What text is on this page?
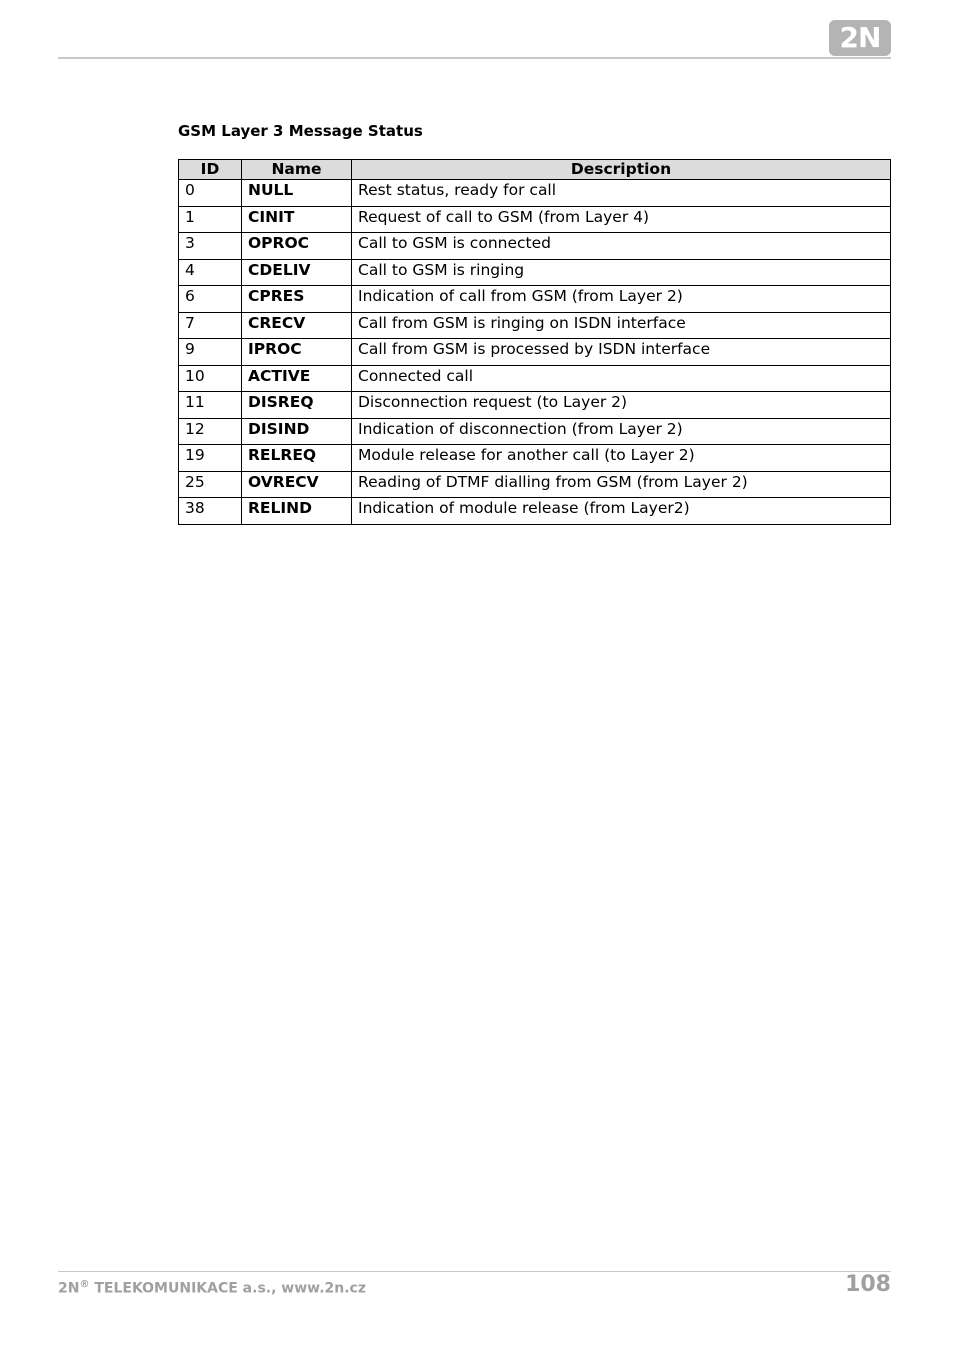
2N
GSM Layer 3 Message Status
ID	Name	Description
0	NULL	Rest status, ready for call
1	CINIT	Request of call to GSM (from Layer 4)
3	OPROC	Call to GSM is connected
4	CDELIV	Call to GSM is ringing
6	CPRES	Indication of call from GSM (from Layer 2)
7	CRECV	Call from GSM is ringing on ISDN interface
9	IPROC	Call from GSM is processed by ISDN interface
10	ACTIVE	Connected call
11	DISREQ	Disconnection request (to Layer 2)
12	DISIND	Indication of disconnection (from Layer 2)
19	RELREQ	Module release for another call (to Layer 2)
25	OVRECV	Reading of DTMF dialling from GSM (from Layer 2)
38	RELIND	Indication of module release (from Layer2)
2N® TELEKOMUNIKACE a.s., www.2n.cz	108
